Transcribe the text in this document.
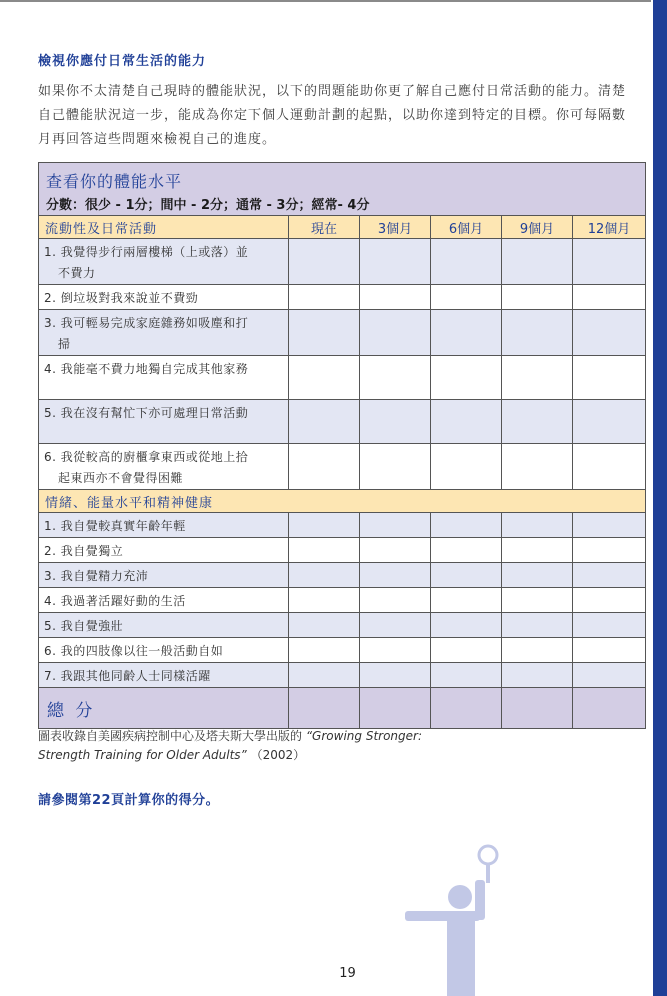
檢視你應付日常生活的能力
如果你不太清楚自己現時的體能狀況，以下的問題能助你更了解自己應付日常活動的能力。清楚自己體能狀況這一步，能成為你定下個人運動計劃的起點，以助你達到特定的目標。你可每隔數月再回答這些問題來檢視自己的進度。
查看你的體能水平
分數：很少 - 1分；間中 - 2分；通常 - 3分；經常- 4分					

流動性及日常活動	現在	3個月	6個月	9個月	12個月
1. 我覺得步行兩層樓梯（上或落）並
不費力					

2. 倒垃圾對我來說並不費勁					
3. 我可輕易完成家庭雜務如吸塵和打
掃					

4. 我能毫不費力地獨自完成其他家務					
5. 我在沒有幫忙下亦可處理日常活動					
6. 我從較高的廚櫃拿東西或從地上拾
起東西亦不會覺得困難					

情緒、能量水平和精神健康					
1. 我自覺較真實年齡年輕					
2. 我自覺獨立					
3. 我自覺精力充沛					
4. 我過著活躍好動的生活					
5. 我自覺強壯					
6. 我的四肢像以往一般活動自如					
7. 我跟其他同齡人士同樣活躍					
總 分					
圖表收錄自美國疾病控制中心及塔夫斯大學出版的 “Growing Stronger:
Strength Training for Older Adults” （2002）
請參閱第22頁計算你的得分。
19
